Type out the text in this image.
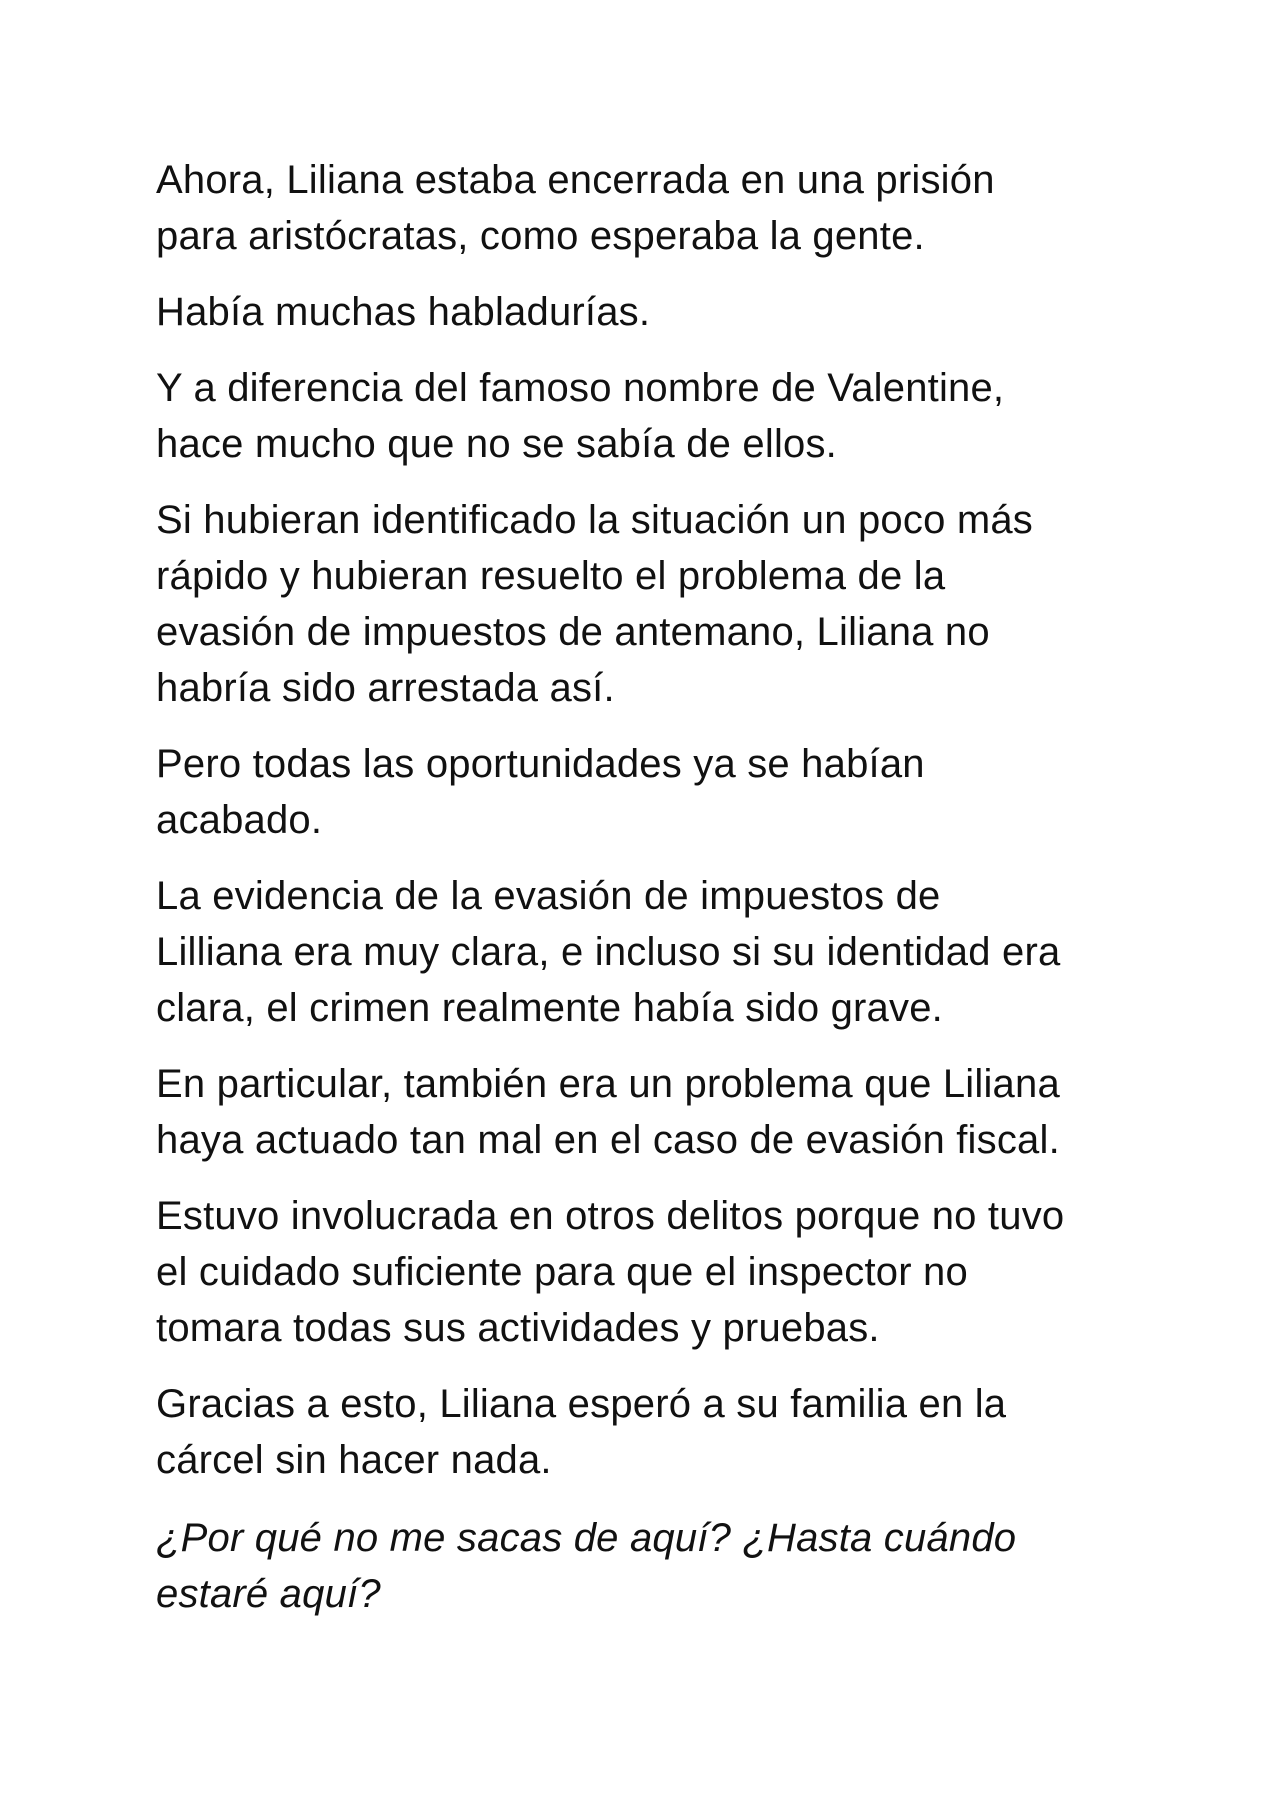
Ahora, Liliana estaba encerrada en una prisión
para aristócratas, como esperaba la gente.

Había muchas habladurías.

Y a diferencia del famoso nombre de Valentine,
hace mucho que no se sabía de ellos.

Si hubieran identificado la situación un poco más
rápido y hubieran resuelto el problema de la
evasión de impuestos de antemano, Liliana no
habría sido arrestada así.

Pero todas las oportunidades ya se habían
acabado.

La evidencia de la evasión de impuestos de
Lilliana era muy clara, e incluso si su identidad era
clara, el crimen realmente había sido grave.

En particular, también era un problema que Liliana
haya actuado tan mal en el caso de evasión fiscal.

Estuvo involucrada en otros delitos porque no tuvo
el cuidado suficiente para que el inspector no
tomara todas sus actividades y pruebas.

Gracias a esto, Liliana esperó a su familia en la
cárcel sin hacer nada.

¿Por qué no me sacas de aquí? ¿Hasta cuándo
estaré aquí?
